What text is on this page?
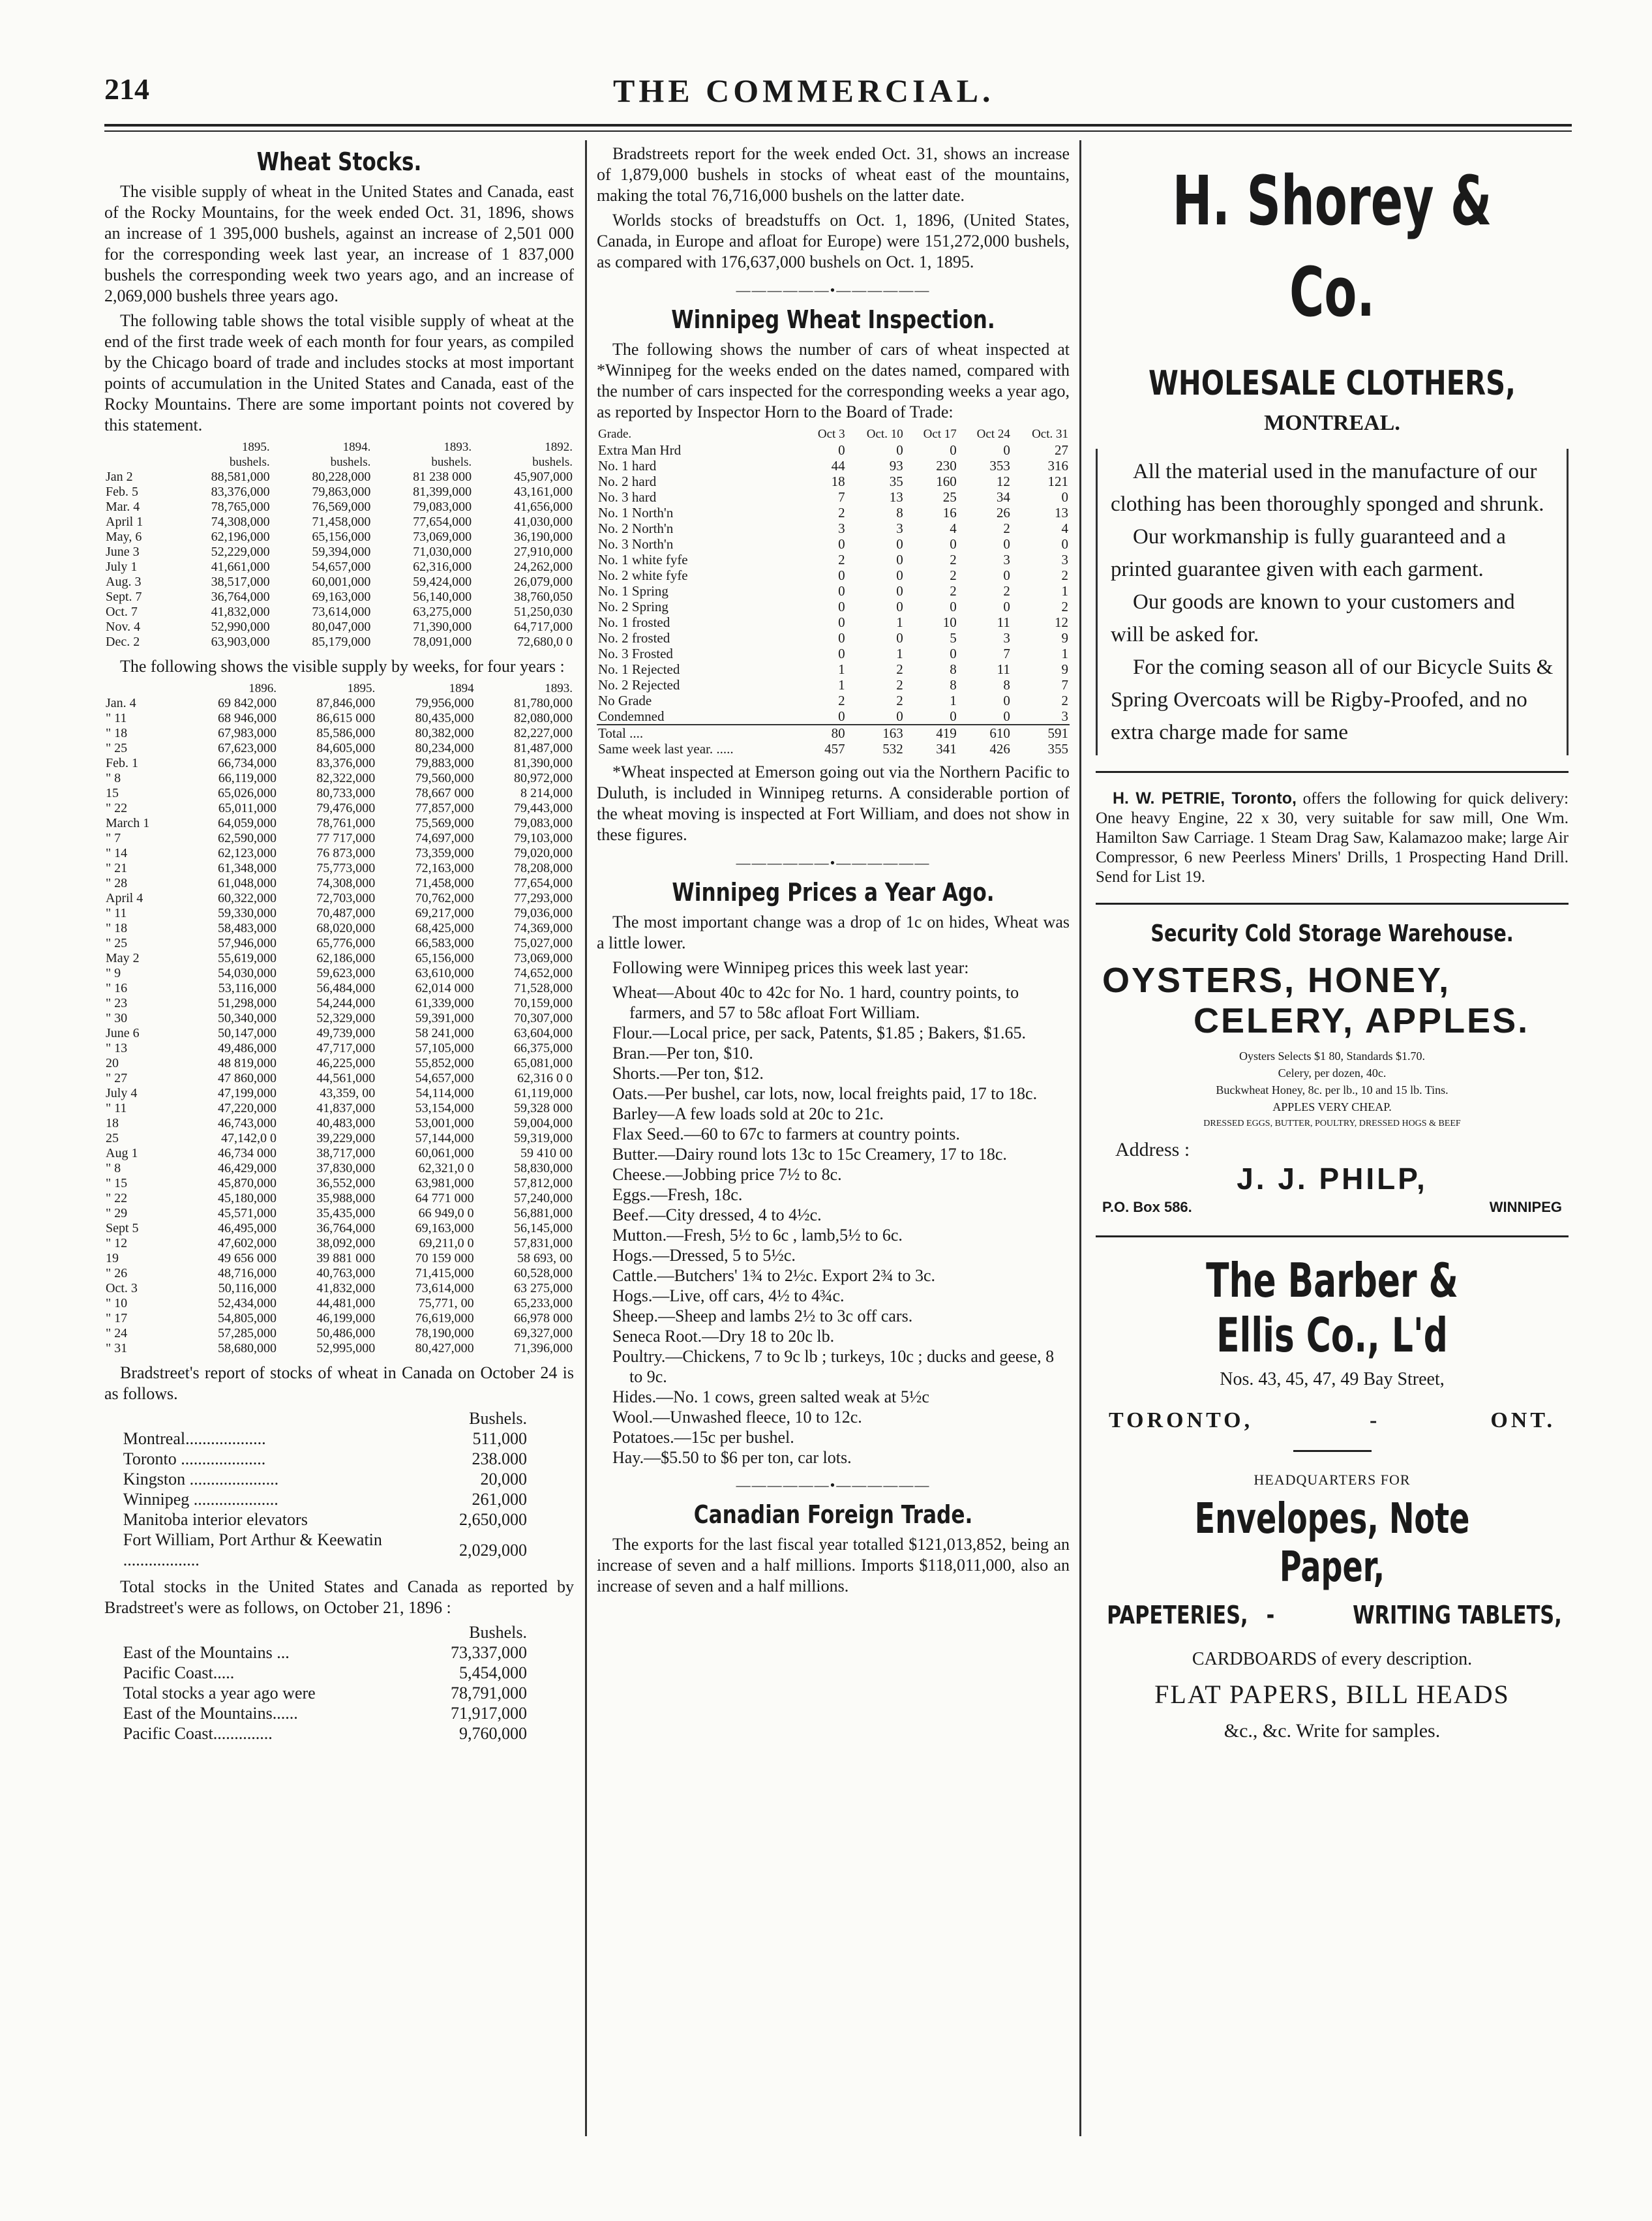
214	THE COMMERCIAL.
Wheat Stocks.

The visible supply of wheat in the United States and Canada, east of the Rocky Mountains, for the week ended Oct. 31, 1896, shows an increase of 1 395,000 bushels, against an increase of 2,501 000 for the corresponding week last year, an increase of 1 837,000 bushels the corresponding week two years ago, and an increase of 2,069,000 bushels three years ago.

The following table shows the total visible supply of wheat at the end of the first trade week of each month for four years, as compiled by the Chicago board of trade and includes stocks at most important points of accumulation in the United States and Canada, east of the Rocky Mountains. There are some important points not covered by this statement.

	1895.	1894.	1893.	1892.
	bushels.	bushels.	bushels.	bushels.
Jan 2	88,581,000	80,228,000	81 238 000	45,907,000
Feb. 5	83,376,000	79,863,000	81,399,000	43,161,000
Mar. 4	78,765,000	76,569,000	79,083,000	41,656,000
April 1	74,308,000	71,458,000	77,654,000	41,030,000
May, 6	62,196,000	65,156,000	73,069,000	36,190,000
June 3	52,229,000	59,394,000	71,030,000	27,910,000
July 1	41,661,000	54,657,000	62,316,000	24,262,000
Aug. 3	38,517,000	60,001,000	59,424,000	26,079,000
Sept. 7	36,764,000	69,163,000	56,140,000	38,760,050
Oct. 7	41,832,000	73,614,000	63,275,000	51,250,030
Nov. 4	52,990,000	80,047,000	71,390,000	64,717,000
Dec. 2	63,903,000	85,179,000	78,091,000	72,680,0 0

The following shows the visible supply by weeks, for four years :

	1896.	1895.	1894	1893.
Jan. 4	69 842,000	87,846,000	79,956,000	81,780,000
" 11	68 946,000	86,615 000	80,435,000	82,080,000
" 18	67,983,000	85,586,000	80,382,000	82,227,000
" 25	67,623,000	84,605,000	80,234,000	81,487,000
Feb. 1	66,734,000	83,376,000	79,883,000	81,390,000
" 8	66,119,000	82,322,000	79,560,000	80,972,000
15	65,026,000	80,733,000	78,667 000	8 214,000
" 22	65,011,000	79,476,000	77,857,000	79,443,000
March 1	64,059,000	78,761,000	75,569,000	79,083,000
" 7	62,590,000	77 717,000	74,697,000	79,103,000
" 14	62,123,000	76 873,000	73,359,000	79,020,000
" 21	61,348,000	75,773,000	72,163,000	78,208,000
" 28	61,048,000	74,308,000	71,458,000	77,654,000
April 4	60,322,000	72,703,000	70,762,000	77,293,000
" 11	59,330,000	70,487,000	69,217,000	79,036,000
" 18	58,483,000	68,020,000	68,425,000	74,369,000
" 25	57,946,000	65,776,000	66,583,000	75,027,000
May 2	55,619,000	62,186,000	65,156,000	73,069,000
" 9	54,030,000	59,623,000	63,610,000	74,652,000
" 16	53,116,000	56,484,000	62,014 000	71,528,000
" 23	51,298,000	54,244,000	61,339,000	70,159,000
" 30	50,340,000	52,329,000	59,391,000	70,307,000
June 6	50,147,000	49,739,000	58 241,000	63,604,000
" 13	49,486,000	47,717,000	57,105,000	66,375,000
20	48 819,000	46,225,000	55,852,000	65,081,000
" 27	47 860,000	44,561,000	54,657,000	62,316 0 0
July 4	47,199,000	43,359, 00	54,114,000	61,119,000
" 11	47,220,000	41,837,000	53,154,000	59,328 000
18	46,743,000	40,483,000	53,001,000	59,004,000
25	47,142,0 0	39,229,000	57,144,000	59,319,000
Aug 1	46,734 000	38,717,000	60,061,000	59 410 00
" 8	46,429,000	37,830,000	62,321,0 0	58,830,000
" 15	45,870,000	36,552,000	63,981,000	57,812,000
" 22	45,180,000	35,988,000	64 771 000	57,240,000
" 29	45,571,000	35,435,000	66 949,0 0	56,881,000
Sept 5	46,495,000	36,764,000	69,163,000	56,145,000
" 12	47,602,000	38,092,000	69,211,0 0	57,831,000
19	49 656 000	39 881 000	70 159 000	58 693, 00
" 26	48,716,000	40,763,000	71,415,000	60,528,000
Oct. 3	50,116,000	41,832,000	73,614,000	63 275,000
" 10	52,434,000	44,481,000	75,771, 00	65,233,000
" 17	54,805,000	46,199,000	76,619,000	66,978 000
" 24	57,285,000	50,486,000	78,190,000	69,327,000
" 31	58,680,000	52,995,000	80,427,000	71,396,000

Bradstreet's report of stocks of wheat in Canada on October 24 is as follows.

	Bushels.
Montreal...................	511,000
Toronto ....................	238.000
Kingston .....................	20,000
Winnipeg ....................	261,000
Manitoba interior elevators	2,650,000
Fort William, Port Arthur & Keewatin ..................	2,029,000

Total stocks in the United States and Canada as reported by Bradstreet's were as follows, on October 21, 1896 :

	Bushels.
East of the Mountains ...	73,337,000
Pacific Coast.....	5,454,000
Total stocks a year ago were	78,791,000
East of the Mountains......	71,917,000
Pacific Coast..............	9,760,000

Bradstreets report for the week ended Oct. 31, shows an increase of 1,879,000 bushels in stocks of wheat east of the mountains, making the total 76,716,000 bushels on the latter date.

Worlds stocks of breadstuffs on Oct. 1, 1896, (United States, Canada, in Europe and afloat for Europe) were 151,272,000 bushels, as compared with 176,637,000 bushels on Oct. 1, 1895.

——————•——————
Winnipeg Wheat Inspection.

The following shows the number of cars of wheat inspected at *Winnipeg for the weeks ended on the dates named, compared with the number of cars inspected for the corresponding weeks a year ago, as reported by Inspector Horn to the Board of Trade:

Grade.	Oct 3	Oct. 10	Oct 17	Oct 24	Oct. 31
Extra Man Hrd	0	0	0	0	27
No. 1 hard	44	93	230	353	316
No. 2 hard	18	35	160	12	121
No. 3 hard	7	13	25	34	0
No. 1 North'n	2	8	16	26	13
No. 2 North'n	3	3	4	2	4
No. 3 North'n	0	0	0	0	0
No. 1 white fyfe	2	0	2	3	3
No. 2 white fyfe	0	0	2	0	2
No. 1 Spring	0	0	2	2	1
No. 2 Spring	0	0	0	0	2
No. 1 frosted	0	1	10	11	12
No. 2 frosted	0	0	5	3	9
No. 3 Frosted	0	1	0	7	1
No. 1 Rejected	1	2	8	11	9
No. 2 Rejected	1	2	8	8	7
No Grade	2	2	1	0	2
Condemned	0	0	0	0	3
Total ....	80	163	419	610	591
Same week last year. .....	457	532	341	426	355

*Wheat inspected at Emerson going out via the Northern Pacific to Duluth, is included in Winnipeg returns. A considerable portion of the wheat moving is inspected at Fort William, and does not show in these figures.

——————•——————
Winnipeg Prices a Year Ago.

The most important change was a drop of 1c on hides, Wheat was a little lower.

Following were Winnipeg prices this week last year:

Wheat—About 40c to 42c for No. 1 hard, country points, to farmers, and 57 to 58c afloat Fort William.

Flour.—Local price, per sack, Patents, $1.85 ; Bakers, $1.65.

Bran.—Per ton, $10.

Shorts.—Per ton, $12.

Oats.—Per bushel, car lots, now, local freights paid, 17 to 18c.

Barley—A few loads sold at 20c to 21c.

Flax Seed.—60 to 67c to farmers at country points.

Butter.—Dairy round lots 13c to 15c Creamery, 17 to 18c.

Cheese.—Jobbing price 7½ to 8c.

Eggs.—Fresh, 18c.

Beef.—City dressed, 4 to 4½c.

Mutton.—Fresh, 5½ to 6c , lamb,5½ to 6c.

Hogs.—Dressed, 5 to 5½c.

Cattle.—Butchers' 1¾ to 2½c. Export 2¾ to 3c.

Hogs.—Live, off cars, 4½ to 4¾c.

Sheep.—Sheep and lambs 2½ to 3c off cars.

Seneca Root.—Dry 18 to 20c lb.

Poultry.—Chickens, 7 to 9c lb ; turkeys, 10c ; ducks and geese, 8 to 9c.

Hides.—No. 1 cows, green salted weak at 5½c

Wool.—Unwashed fleece, 10 to 12c.

Potatoes.—15c per bushel.

Hay.—$5.50 to $6 per ton, car lots.

——————•——————
Canadian Foreign Trade.

The exports for the last fiscal year totalled $121,013,852, being an increase of seven and a half millions. Imports $118,011,000, also an increase of seven and a half millions.

H. Shorey & Co.
WHOLESALE CLOTHERS,
MONTREAL.

All the material used in the manufacture of our clothing has been thoroughly sponged and shrunk.

Our workmanship is fully guaranteed and a printed guarantee given with each garment.

Our goods are known to your customers and will be asked for.

For the coming season all of our Bicycle Suits & Spring Overcoats will be Rigby-Proofed, and no extra charge made for same

H. W. PETRIE, Toronto, offers the following for quick delivery: One heavy Engine, 22 x 30, very suitable for saw mill, One Wm. Hamilton Saw Carriage. 1 Steam Drag Saw, Kalamazoo make; large Air Compressor, 6 new Peerless Miners' Drills, 1 Prospecting Hand Drill. Send for List 19.
Security Cold Storage Warehouse.
OYSTERS, HONEY,
CELERY, APPLES.
Oysters Selects $1 80, Standards $1.70.
Celery, per dozen, 40c.
Buckwheat Honey, 8c. per lb., 10 and 15 lb. Tins.
APPLES VERY CHEAP.
DRESSED EGGS, BUTTER, POULTRY, DRESSED HOGS & BEEF
Address :
J. J. PHILP,
P.O. Box 586.	WINNIPEG
The Barber & Ellis Co., L'd
Nos. 43, 45, 47, 49 Bay Street,
TORONTO,	-	ONT.
HEADQUARTERS FOR
Envelopes, Note Paper,
PAPETERIES, -	WRITING TABLETS,
CARDBOARDS of every description.
FLAT PAPERS, BILL HEADS
&c., &c. Write for samples.
